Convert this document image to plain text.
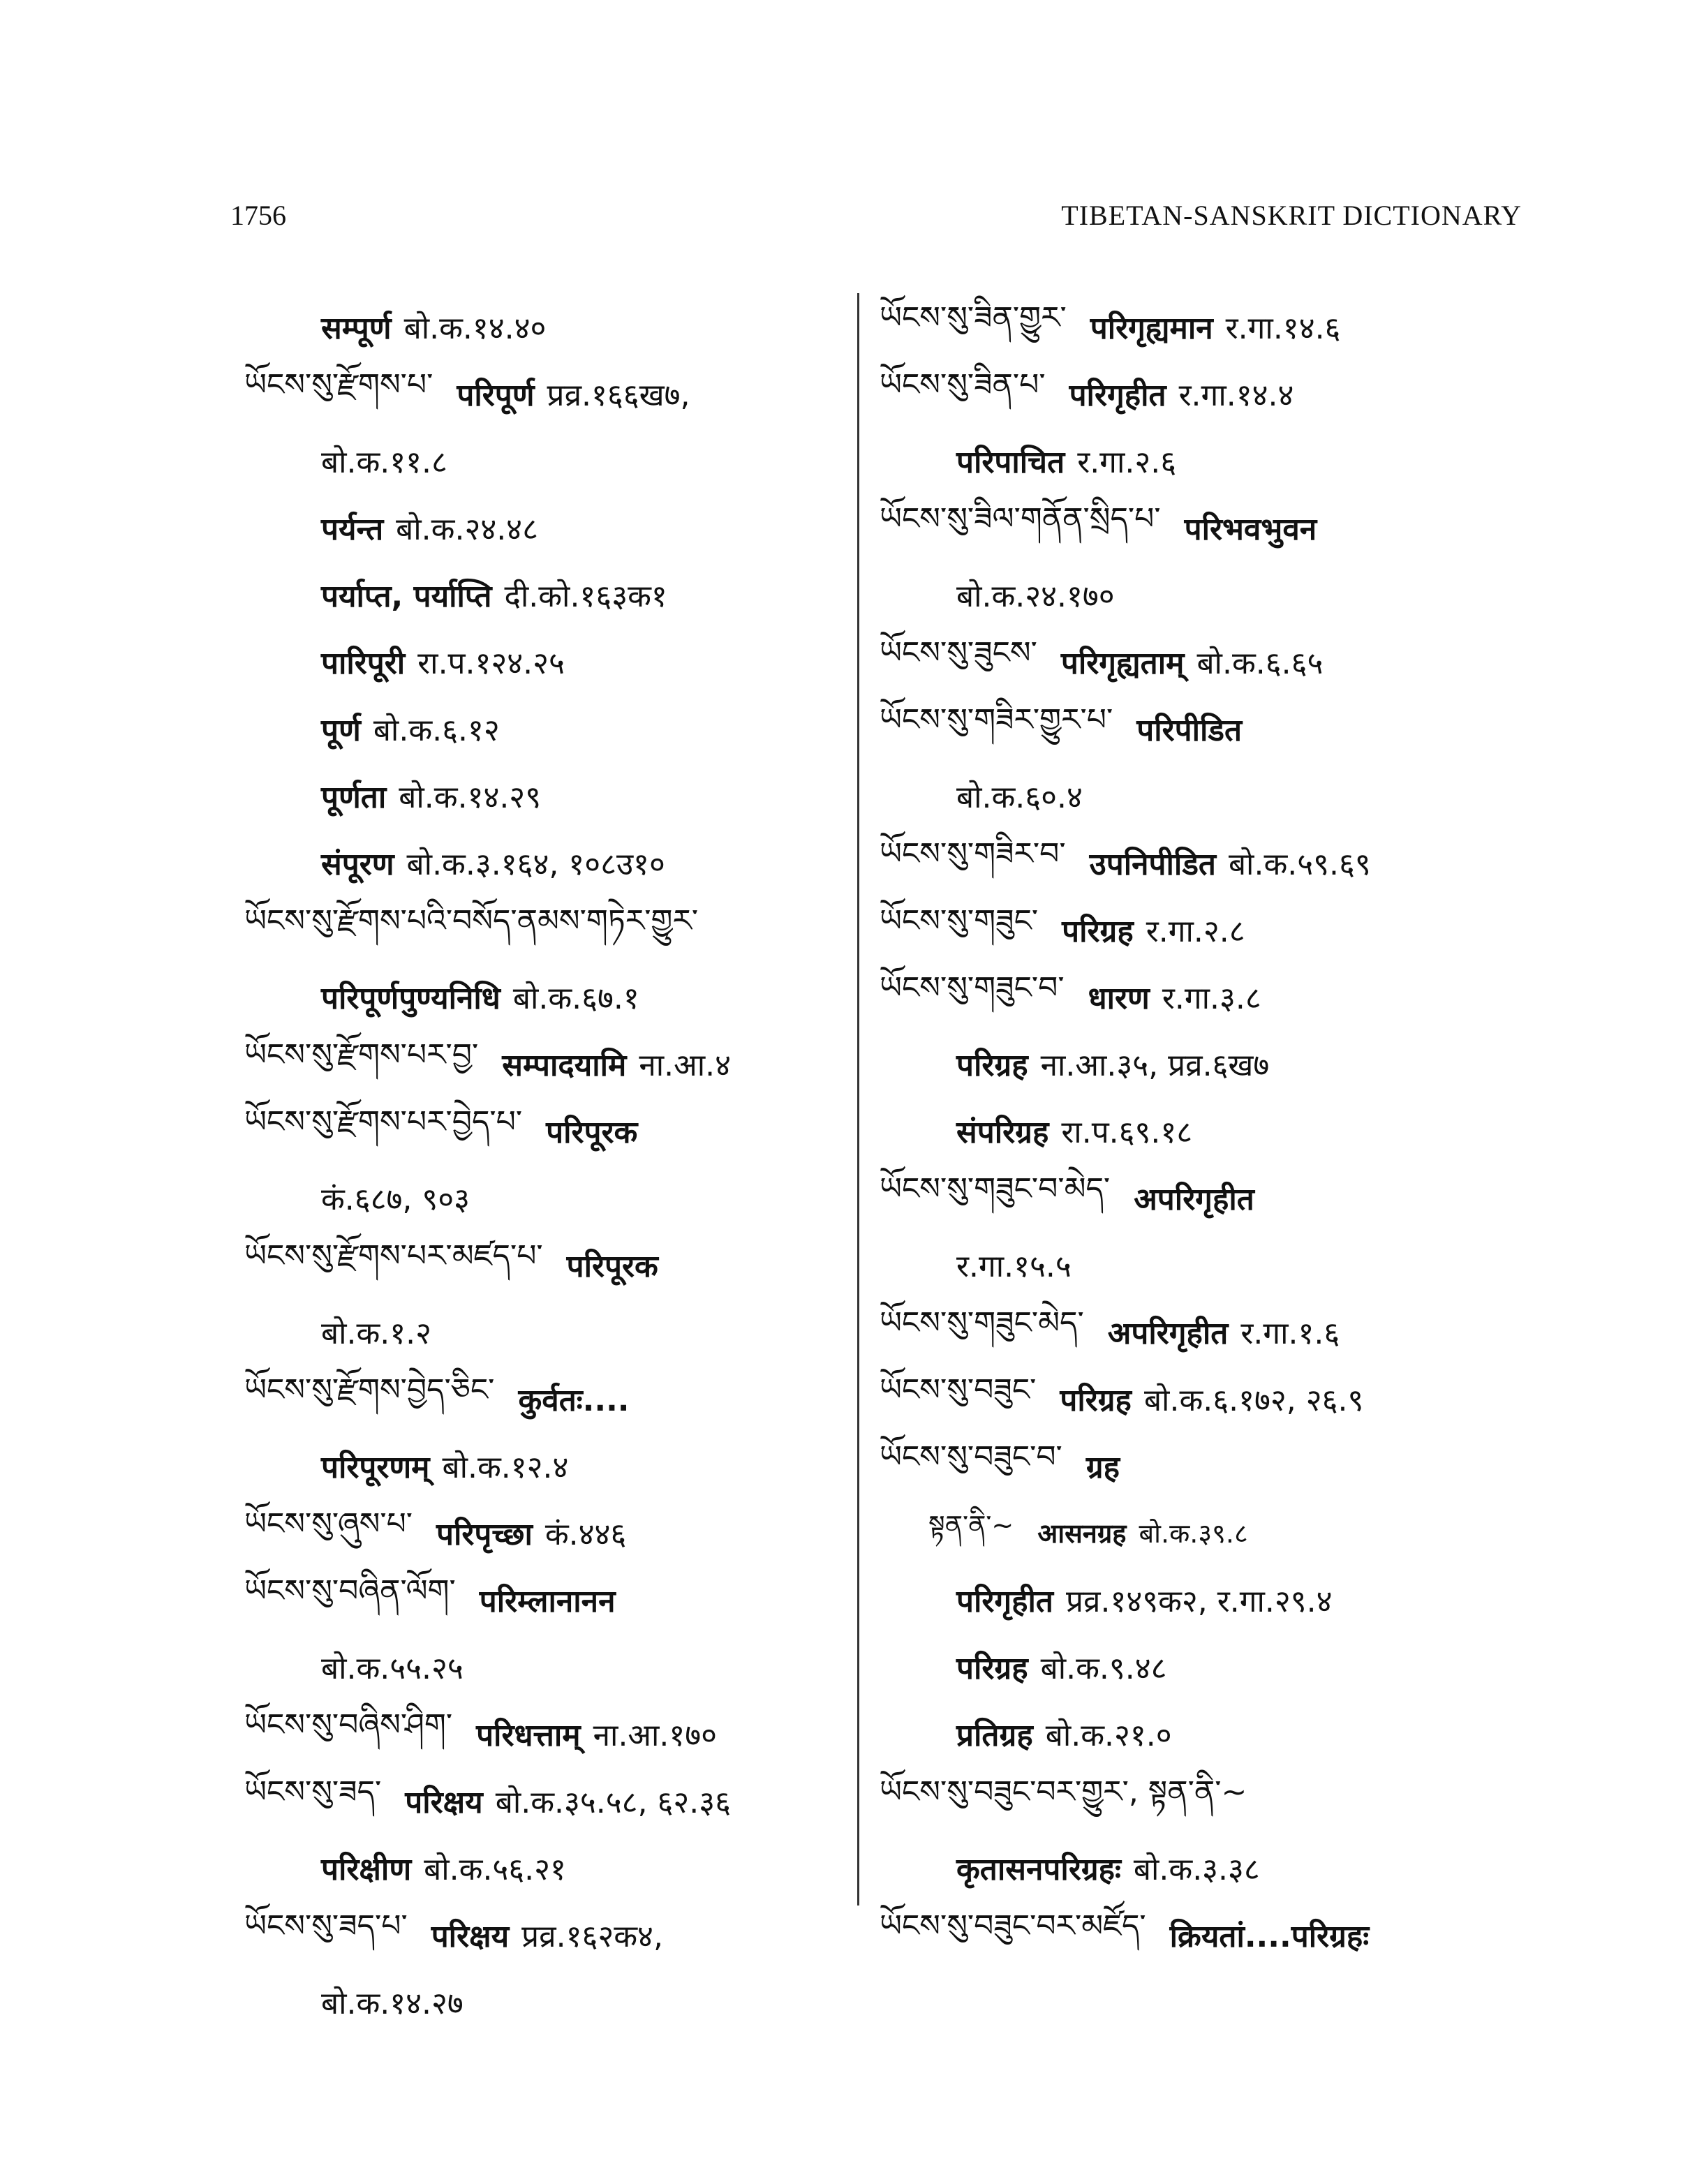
1756	TIBETAN-SANSKRIT DICTIONARY
सम्पूर्ण बो.क.१४.४०
ཡོངས་སུ་རྫོགས་པ་ परिपूर्ण प्रव्र.१६६ख७,
बो.क.११.८
पर्यन्त बो.क.२४.४८
पर्याप्त, पर्याप्ति दी.को.१६३क१
पारिपूरी रा.प.१२४.२५
पूर्ण बो.क.६.१२
पूर्णता बो.क.१४.२९
संपूरण बो.क.३.१६४, १०८उ१०
ཡོངས་སུ་རྫོགས་པའི་བསོད་ནམས་གཏེར་གྱུར་
परिपूर्णपुण्यनिधि बो.क.६७.१
ཡོངས་སུ་རྫོགས་པར་བྱ་ सम्पादयामि ना.आ.४
ཡོངས་སུ་རྫོགས་པར་བྱེད་པ་ परिपूरक
कं.६८७, ९०३
ཡོངས་སུ་རྫོགས་པར་མཛད་པ་ परिपूरक
बो.क.१.२
ཡོངས་སུ་རྫོགས་བྱེད་ཅིང་ कुर्वतः....
परिपूरणम् बो.क.१२.४
ཡོངས་སུ་ཞུས་པ་ परिपृच्छा कं.४४६
ཡོངས་སུ་བཞིན་ལོག་ परिम्लानानन
बो.क.५५.२५
ཡོངས་སུ་བཞིས་ཤིག་ परिधत्ताम् ना.आ.१७०
ཡོངས་སུ་ཟད་ परिक्षय बो.क.३५.५८, ६२.३६
परिक्षीण बो.क.५६.२१
ཡོངས་སུ་ཟད་པ་ परिक्षय प्रव्र.१६२क४,
बो.क.१४.२७
ཡོངས་སུ་ཟིན་གྱུར་ परिगृह्यमान र.गा.१४.६
ཡོངས་སུ་ཟིན་པ་ परिगृहीत र.गा.१४.४
परिपाचित र.गा.२.६
ཡོངས་སུ་ཟིལ་གནོན་སྲིད་པ་ परिभवभुवन
बो.क.२४.१७०
ཡོངས་སུ་ཟུངས་ परिगृह्यताम् बो.क.६.६५
ཡོངས་སུ་གཟིར་གྱུར་པ་ परिपीडित
बो.क.६०.४
ཡོངས་སུ་གཟིར་བ་ उपनिपीडित बो.क.५९.६९
ཡོངས་སུ་གཟུང་ परिग्रह र.गा.२.८
ཡོངས་སུ་གཟུང་བ་ धारण र.गा.३.८
परिग्रह ना.आ.३५, प्रव्र.६ख७
संपरिग्रह रा.प.६९.१८
ཡོངས་སུ་གཟུང་བ་མེད་ अपरिगृहीत
र.गा.१५.५
ཡོངས་སུ་གཟུང་མེད་ अपरिगृहीत र.गा.१.६
ཡོངས་སུ་བཟུང་ परिग्रह बो.क.६.१७२, २६.९
ཡོངས་སུ་བཟུང་བ་ ग्रह
སྟན་ནི་~ आसनग्रह बो.क.३९.८
परिगृहीत प्रव्र.१४९क२, र.गा.२९.४
परिग्रह बो.क.९.४८
प्रतिग्रह बो.क.२१.०
ཡོངས་སུ་བཟུང་བར་གྱུར་, སྟན་ནི་~
कृतासनपरिग्रहः बो.क.३.३८
ཡོངས་སུ་བཟུང་བར་མཛོད་ क्रियतां....परिग्रहः
